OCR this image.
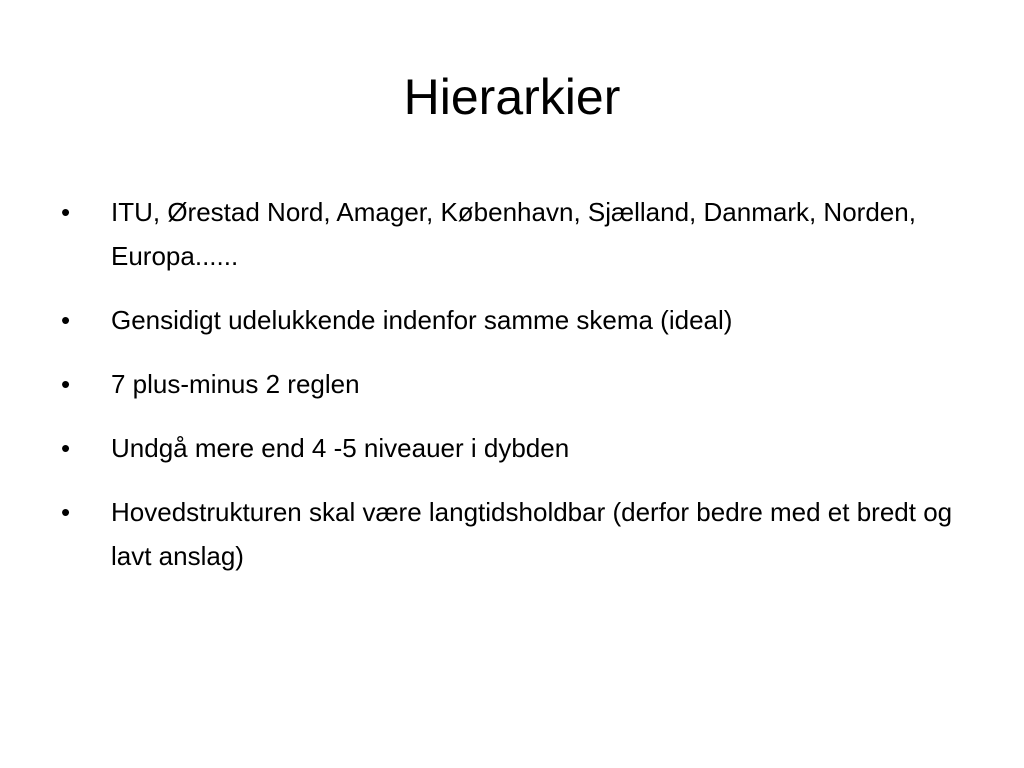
Hierarkier
• ITU, Ørestad Nord, Amager, København, Sjælland, Danmark, Norden, Europa......
• Gensidigt udelukkende indenfor samme skema (ideal)
• 7 plus-minus 2 reglen
• Undgå mere end 4 -5 niveauer i dybden
• Hovedstrukturen skal være langtidsholdbar (derfor bedre med et bredt og lavt anslag)
